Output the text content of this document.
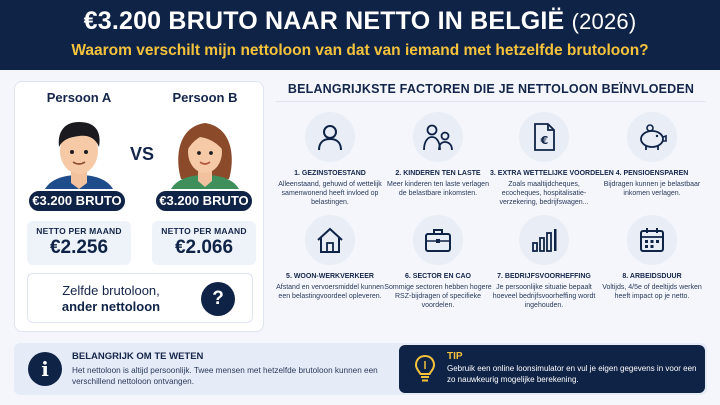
€3.200 BRUTO NAAR NETTO IN BELGIË (2026)
Waarom verschilt mijn nettoloon van dat van iemand met hetzelfde brutoloon?
Persoon A	Persoon B
VS
€3.200 BRUTO	€3.200 BRUTO
NETTO PER MAAND
€2.256
NETTO PER MAAND
€2.066
Zelfde brutoloon,
ander nettoloon	?
BELANGRIJKSTE FACTOREN DIE JE NETTOLOON BEÏNVLOEDEN
1. GEZINSTOESTAND
Alleenstaand, gehuwd of wettelijk samenwonend heeft invloed op belastingen.
2. KINDEREN TEN LASTE
Meer kinderen ten laste verlagen de belastbare inkomsten.
€
3. EXTRA WETTELIJKE VOORDELEN
Zoals maaltijdcheques, ecocheques, hospitalisatie-verzekering, bedrijfswagen...
4. PENSIOENSPAREN
Bijdragen kunnen je belastbaar inkomen verlagen.
5. WOON-WERKVERKEER
Afstand en vervoersmiddel kunnen een belastingvoordeel opleveren.
6. SECTOR EN CAO
Sommige sectoren hebben hogere RSZ-bijdragen of specifieke voordelen.
7. BEDRIJFSVOORHEFFING
Je persoonlijke situatie bepaalt hoeveel bedrijfsvoorheffing wordt ingehouden.
8. ARBEIDSDUUR
Voltijds, 4/5e of deeltijds werken heeft impact op je netto.
i
BELANGRIJK OM TE WETEN
Het nettoloon is altijd persoonlijk. Twee mensen met hetzelfde brutoloon kunnen een verschillend nettoloon ontvangen.
TIP
Gebruik een online loonsimulator en vul je eigen gegevens in voor een zo nauwkeurig mogelijke berekening.
